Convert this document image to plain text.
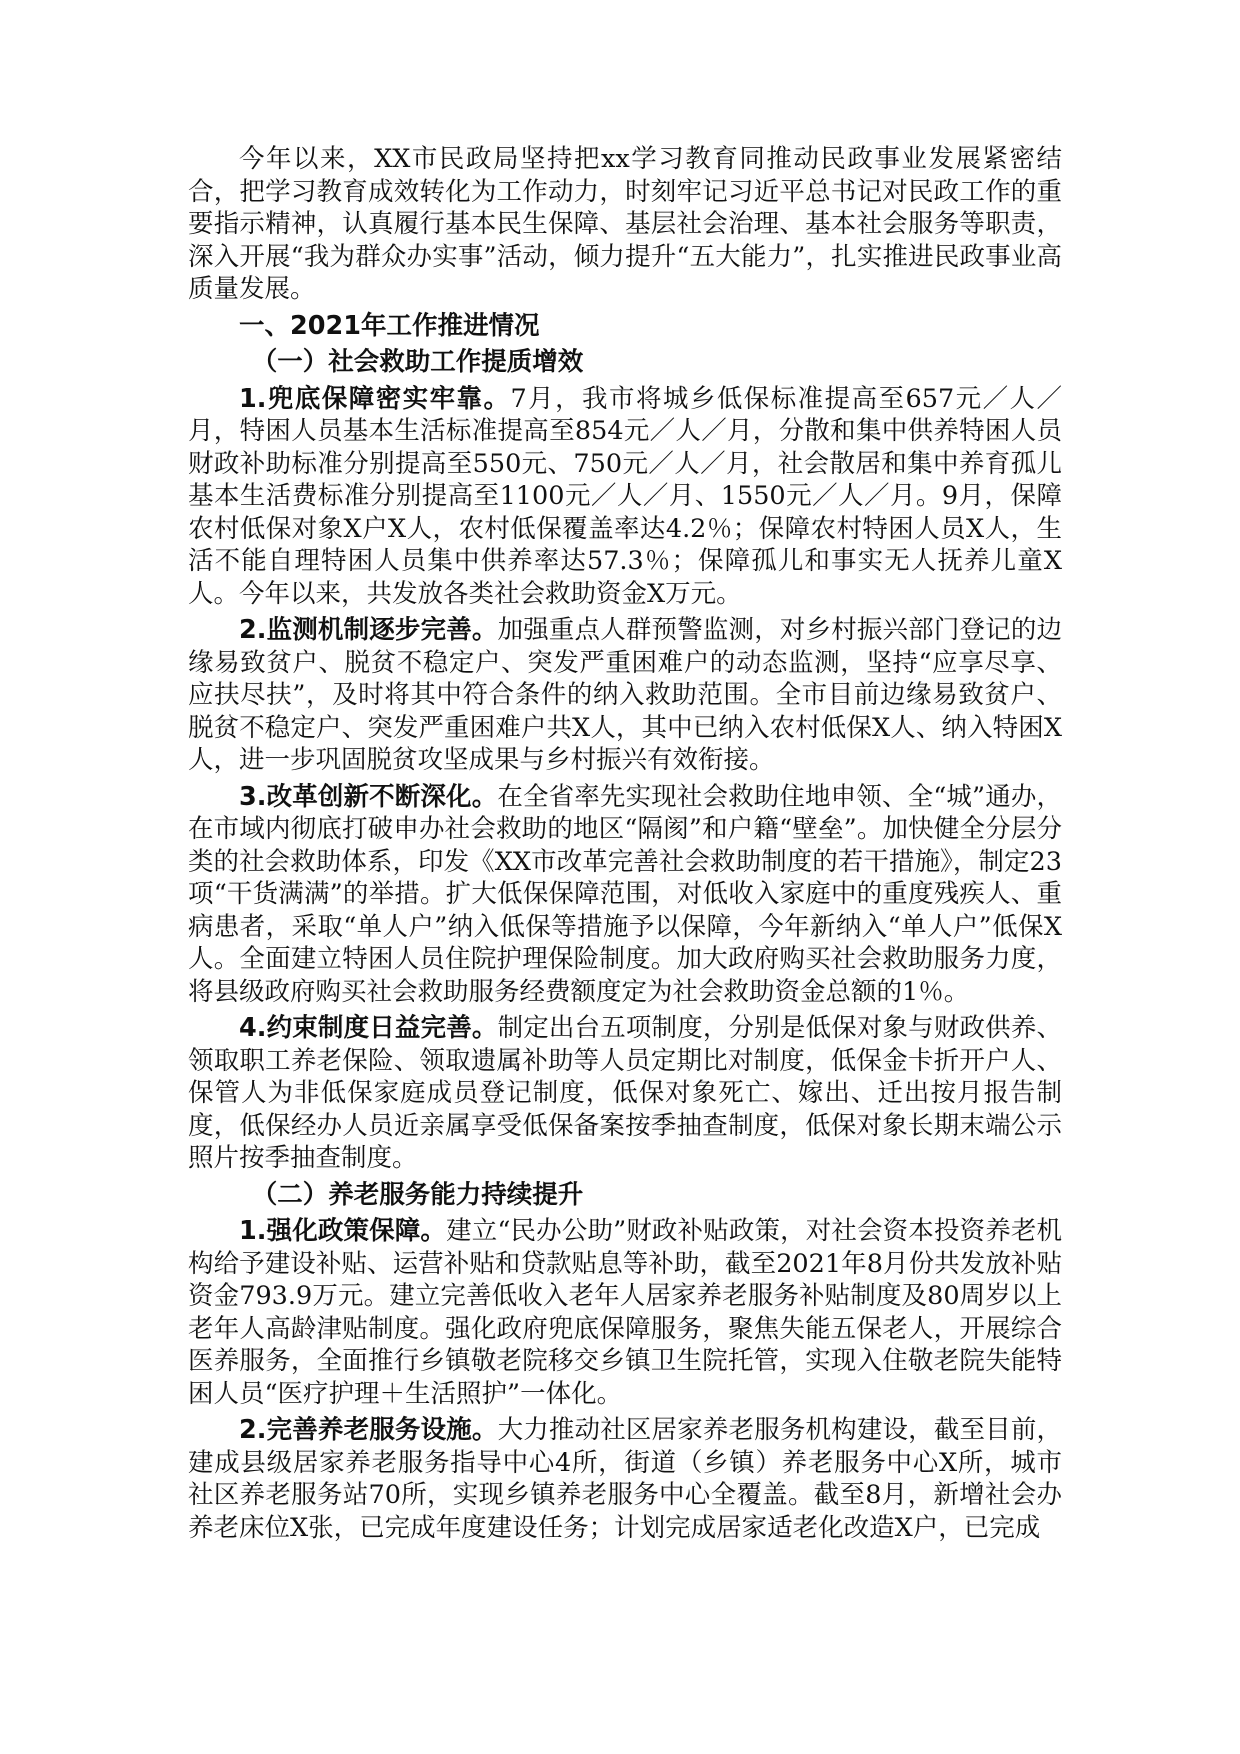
今年以来，XX市民政局坚持把xx学习教育同推动民政事业发展紧密结合，把学习教育成效转化为工作动力，时刻牢记习近平总书记对民政工作的重要指示精神，认真履行基本民生保障、基层社会治理、基本社会服务等职责，深入开展“我为群众办实事”活动，倾力提升“五大能力”，扎实推进民政事业高质量发展。

一、2021年工作推进情况

（一）社会救助工作提质增效

1.兜底保障密实牢靠。7月，我市将城乡低保标准提高至657元／人／月，特困人员基本生活标准提高至854元／人／月，分散和集中供养特困人员财政补助标准分别提高至550元、750元／人／月，社会散居和集中养育孤儿基本生活费标准分别提高至1100元／人／月、1550元／人／月。9月，保障农村低保对象X户X人，农村低保覆盖率达4.2％；保障农村特困人员X人，生活不能自理特困人员集中供养率达57.3％；保障孤儿和事实无人抚养儿童X人。今年以来，共发放各类社会救助资金X万元。

2.监测机制逐步完善。加强重点人群预警监测，对乡村振兴部门登记的边缘易致贫户、脱贫不稳定户、突发严重困难户的动态监测，坚持“应享尽享、应扶尽扶”，及时将其中符合条件的纳入救助范围。全市目前边缘易致贫户、脱贫不稳定户、突发严重困难户共X人，其中已纳入农村低保X人、纳入特困X人，进一步巩固脱贫攻坚成果与乡村振兴有效衔接。

3.改革创新不断深化。在全省率先实现社会救助住地申领、全“城”通办，在市域内彻底打破申办社会救助的地区“隔阂”和户籍“壁垒”。加快健全分层分类的社会救助体系，印发《XX市改革完善社会救助制度的若干措施》，制定23项“干货满满”的举措。扩大低保保障范围，对低收入家庭中的重度残疾人、重病患者，采取“单人户”纳入低保等措施予以保障，今年新纳入“单人户”低保X人。全面建立特困人员住院护理保险制度。加大政府购买社会救助服务力度，将县级政府购买社会救助服务经费额度定为社会救助资金总额的1％。

4.约束制度日益完善。制定出台五项制度，分别是低保对象与财政供养、领取职工养老保险、领取遗属补助等人员定期比对制度，低保金卡折开户人、保管人为非低保家庭成员登记制度，低保对象死亡、嫁出、迁出按月报告制度，低保经办人员近亲属享受低保备案按季抽查制度，低保对象长期末端公示照片按季抽查制度。

（二）养老服务能力持续提升

1.强化政策保障。建立“民办公助”财政补贴政策，对社会资本投资养老机构给予建设补贴、运营补贴和贷款贴息等补助，截至2021年8月份共发放补贴资金793.9万元。建立完善低收入老年人居家养老服务补贴制度及80周岁以上老年人高龄津贴制度。强化政府兜底保障服务，聚焦失能五保老人，开展综合医养服务，全面推行乡镇敬老院移交乡镇卫生院托管，实现入住敬老院失能特困人员“医疗护理＋生活照护”一体化。

2.完善养老服务设施。大力推动社区居家养老服务机构建设，截至目前，建成县级居家养老服务指导中心4所，街道（乡镇）养老服务中心X所，城市社区养老服务站70所，实现乡镇养老服务中心全覆盖。截至8月，新增社会办养老床位X张，已完成年度建设任务；计划完成居家适老化改造X户，已完成
